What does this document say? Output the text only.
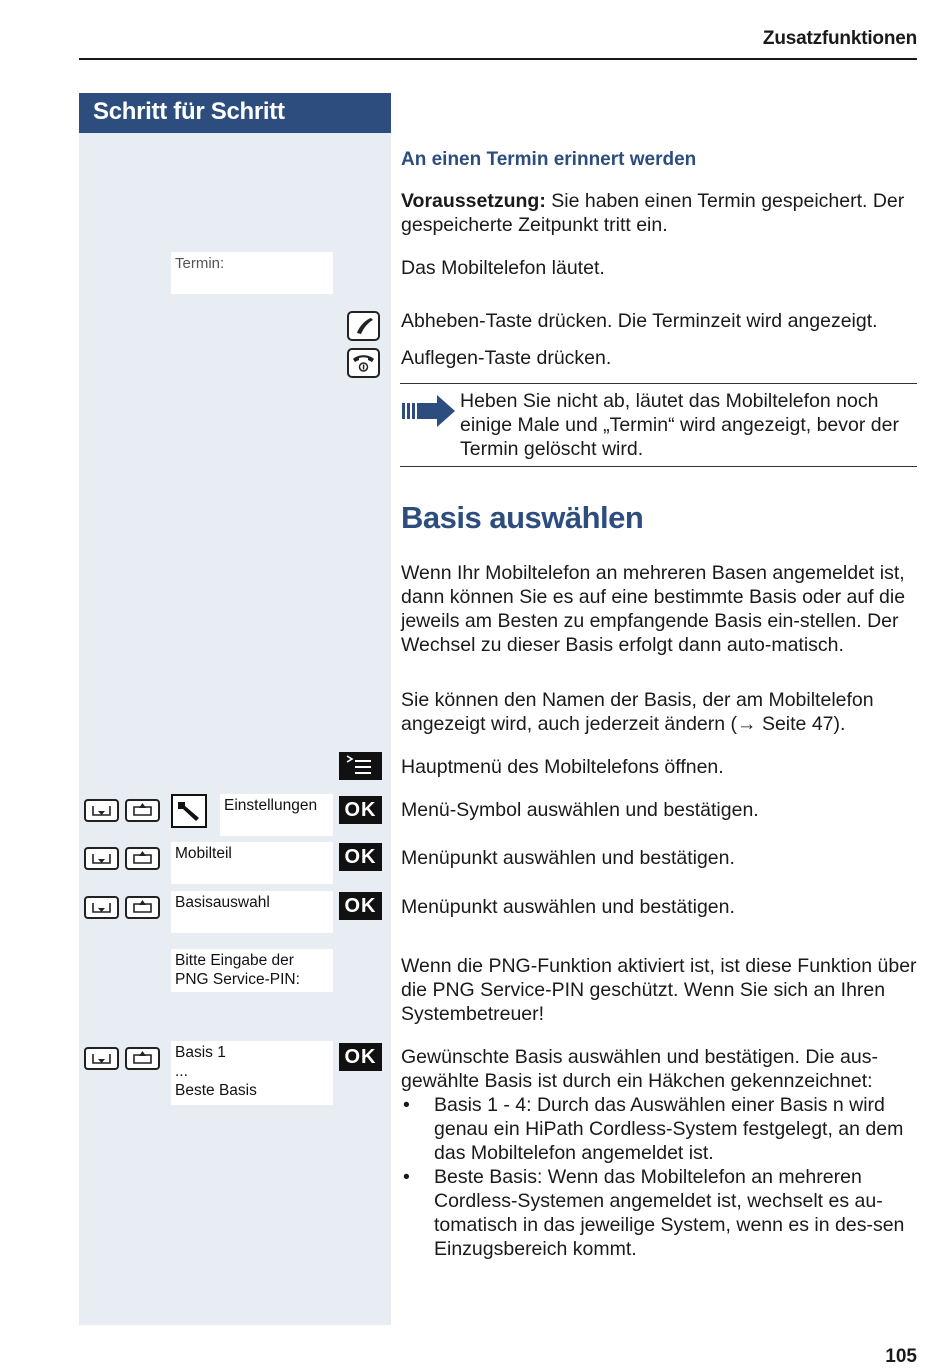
Zusatzfunktionen
Schritt für Schritt
An einen Termin erinnert werden
Voraussetzung: Sie haben einen Termin gespeichert. Der gespeicherte Zeitpunkt tritt ein.
Termin:	Das Mobiltelefon läutet.
Abheben-Taste drücken. Die Terminzeit wird angezeigt.
Auflegen-Taste drücken.
Heben Sie nicht ab, läutet das Mobiltelefon noch einige Male und „Termin“ wird angezeigt, bevor der Termin gelöscht wird.
Basis auswählen
Wenn Ihr Mobiltelefon an mehreren Basen angemeldet ist, dann können Sie es auf eine bestimmte Basis oder auf die jeweils am Besten zu empfangende Basis ein-stellen. Der Wechsel zu dieser Basis erfolgt dann auto-matisch.
Sie können den Namen der Basis, der am Mobiltelefon angezeigt wird, auch jederzeit ändern (→ Seite 47).
Hauptmenü des Mobiltelefons öffnen.
Einstellungen	OK Menü-Symbol auswählen und bestätigen.
Mobilteil	OK Menüpunkt auswählen und bestätigen.
Basisauswahl	OK Menüpunkt auswählen und bestätigen.
Bitte Eingabe der PNG Service-PIN:
Wenn die PNG-Funktion aktiviert ist, ist diese Funktion über die PNG Service-PIN geschützt. Wenn Sie sich an Ihren Systembetreuer!
Basis 1
...
Beste Basis
OK Gewünschte Basis auswählen und bestätigen. Die aus-gewählte Basis ist durch ein Häkchen gekennzeichnet:
• Basis 1 - 4: Durch das Auswählen einer Basis n wird genau ein HiPath Cordless-System festgelegt, an dem das Mobiltelefon angemeldet ist.
• Beste Basis: Wenn das Mobiltelefon an mehreren Cordless-Systemen angemeldet ist, wechselt es au-tomatisch in das jeweilige System, wenn es in des-sen Einzugsbereich kommt.
105
